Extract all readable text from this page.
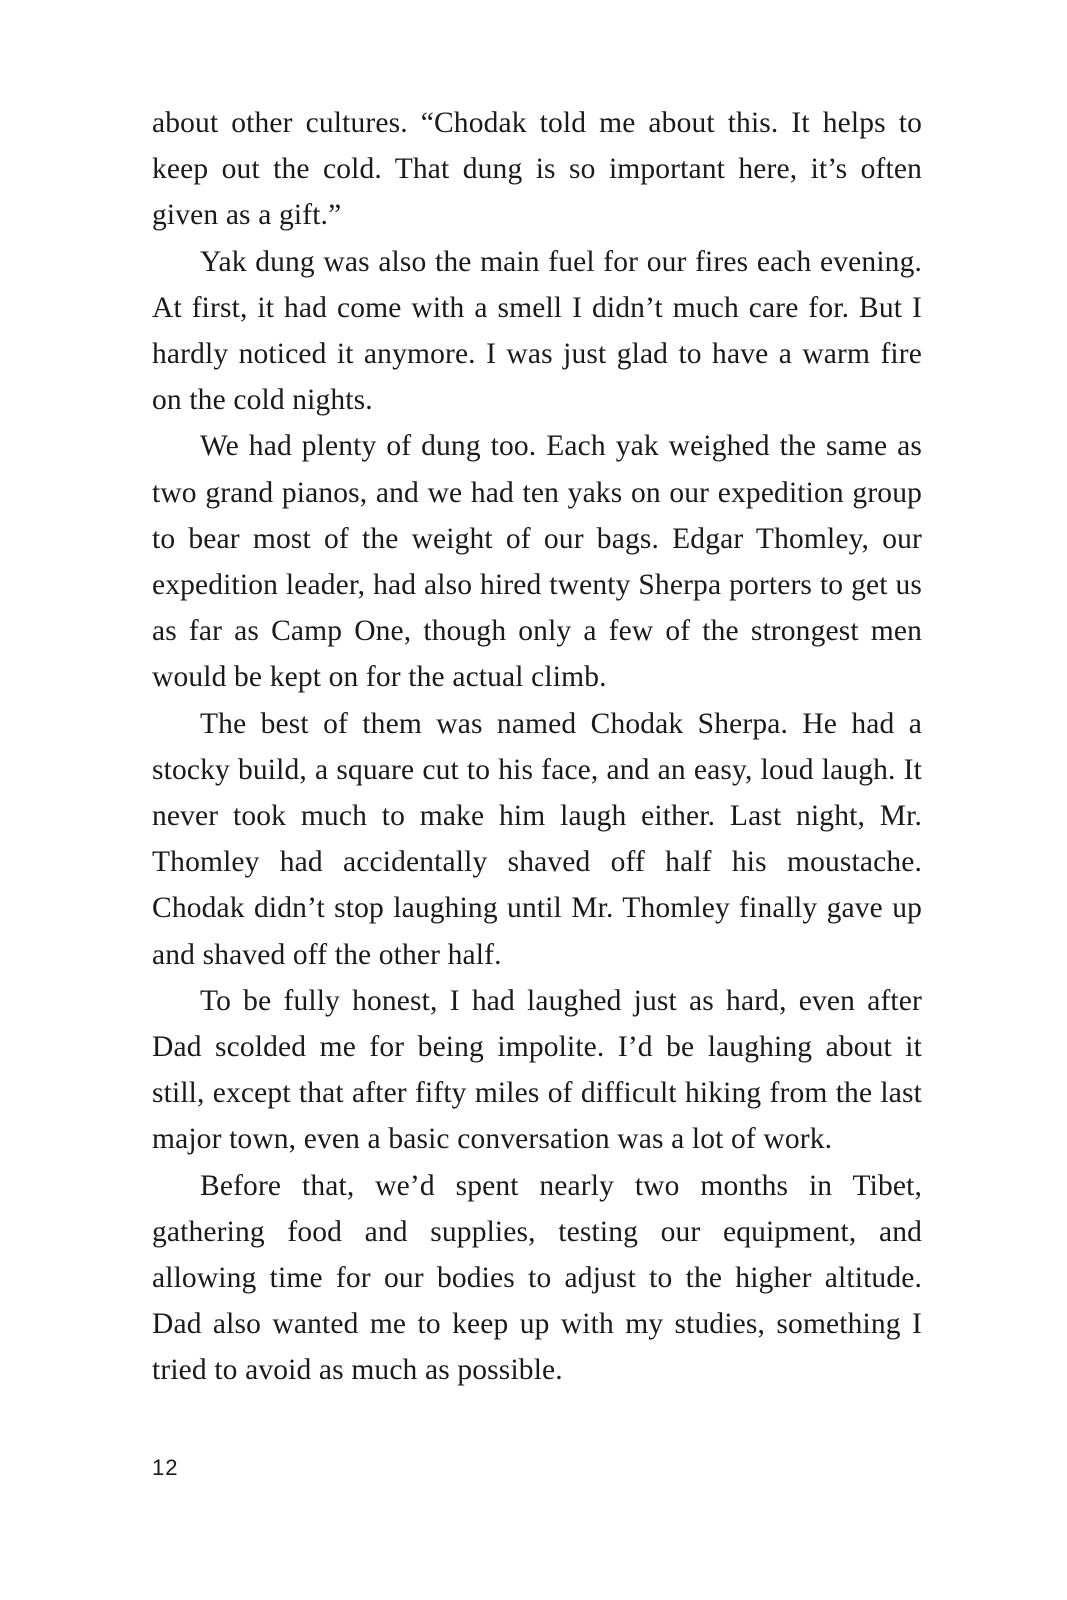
about other cultures. “Chodak told me about this. It helps to keep out the cold. That dung is so important here, it’s often given as a gift.”

Yak dung was also the main fuel for our fires each evening. At first, it had come with a smell I didn’t much care for. But I hardly noticed it anymore. I was just glad to have a warm fire on the cold nights.

We had plenty of dung too. Each yak weighed the same as two grand pianos, and we had ten yaks on our expedition group to bear most of the weight of our bags. Edgar Thomley, our expedition leader, had also hired twenty Sherpa porters to get us as far as Camp One, though only a few of the strongest men would be kept on for the actual climb.

The best of them was named Chodak Sherpa. He had a stocky build, a square cut to his face, and an easy, loud laugh. It never took much to make him laugh either. Last night, Mr. Thomley had accidentally shaved off half his moustache. Chodak didn’t stop laughing until Mr. Thomley finally gave up and shaved off the other half.

To be fully honest, I had laughed just as hard, even after Dad scolded me for being impolite. I’d be laughing about it still, except that after fifty miles of difficult hiking from the last major town, even a basic conversation was a lot of work.

Before that, we’d spent nearly two months in Tibet, gathering food and supplies, testing our equipment, and allowing time for our bodies to adjust to the higher altitude. Dad also wanted me to keep up with my studies, something I tried to avoid as much as possible.

12
